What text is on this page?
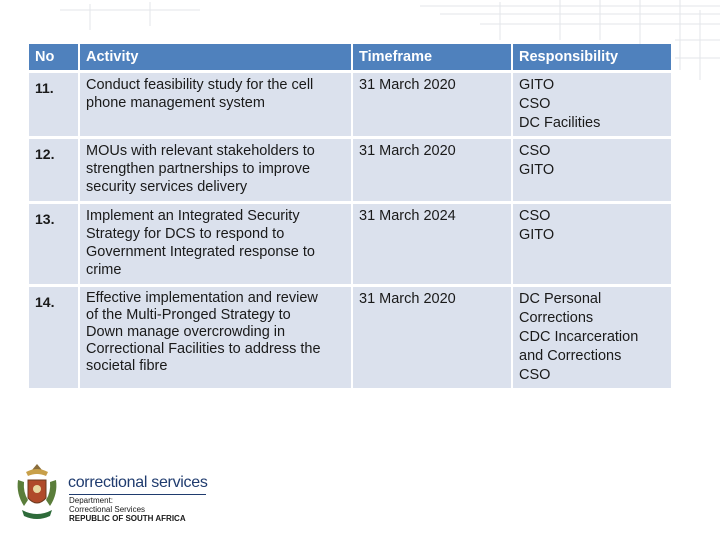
No	Activity	Timeframe	Responsibility
11.	Conduct feasibility study for the cell
phone management system	31 March 2020	GITO
CSO
DC Facilities

12.	MOUs with relevant stakeholders to
strengthen partnerships to improve
security services delivery	31 March 2020	CSO
GITO

13.	Implement an Integrated Security
Strategy for DCS to respond to
Government Integrated response to
crime	31 March 2024	CSO
GITO

14.	Effective implementation and review
of the Multi-Pronged Strategy to
Down manage overcrowding in
Correctional Facilities to address the
societal fibre	31 March 2020	DC Personal
Corrections
CDC Incarceration
and Corrections
CSO
correctional services
Department:
Correctional Services
REPUBLIC OF SOUTH AFRICA
